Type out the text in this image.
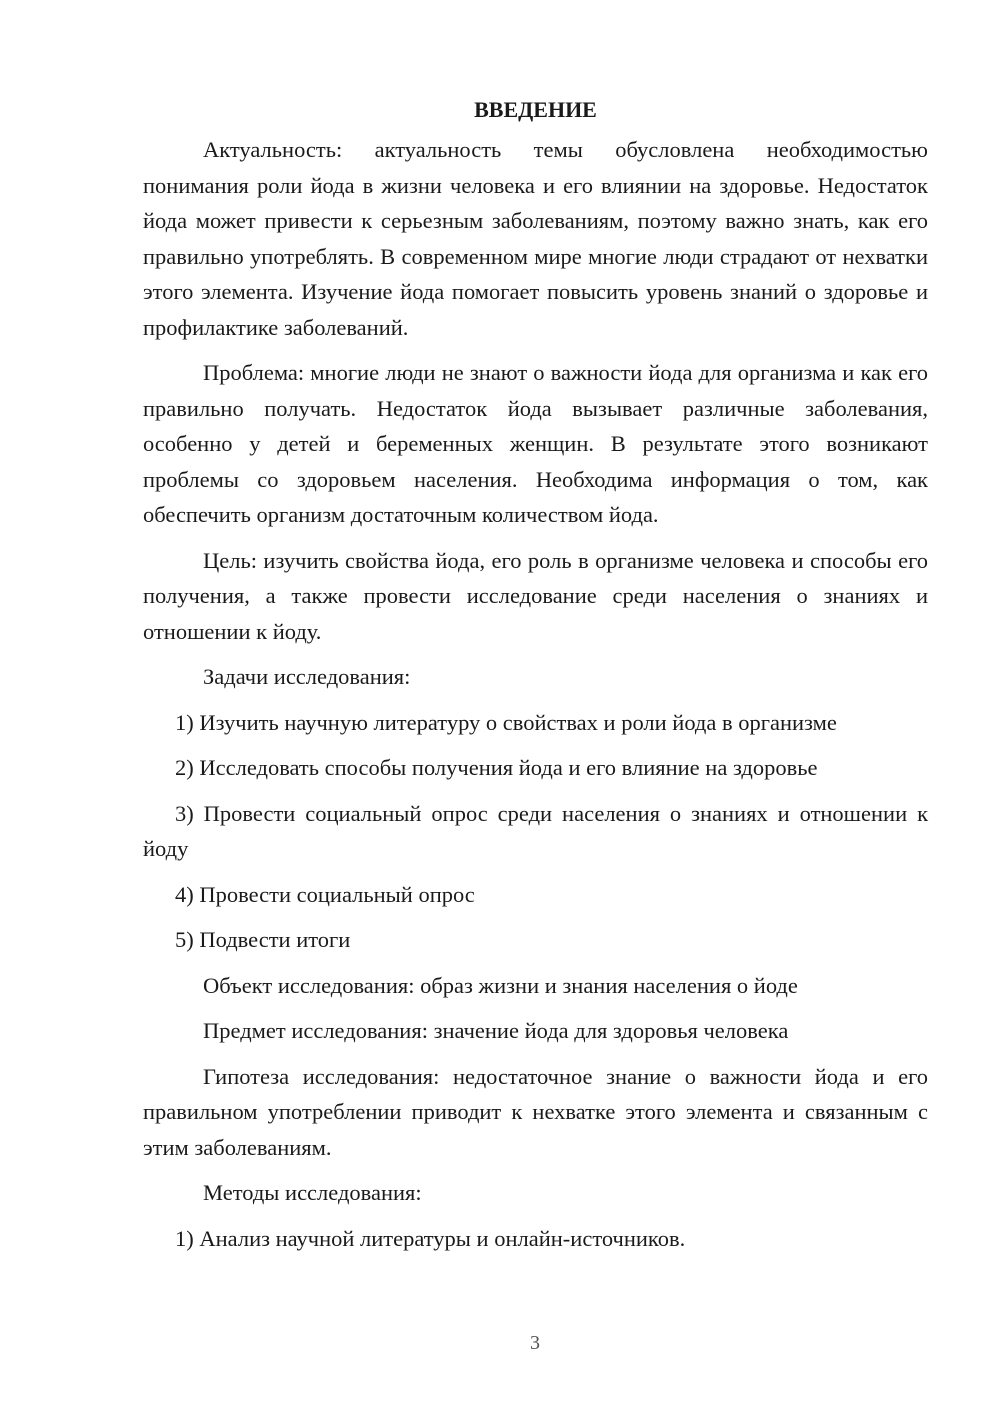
ВВЕДЕНИЕ

Актуальность: актуальность темы обусловлена необходимостью понимания роли йода в жизни человека и его влиянии на здоровье. Недостаток йода может привести к серьезным заболеваниям, поэтому важно знать, как его правильно употреблять. В современном мире многие люди страдают от нехватки этого элемента. Изучение йода помогает повысить уровень знаний о здоровье и профилактике заболеваний.

Проблема: многие люди не знают о важности йода для организма и как его правильно получать. Недостаток йода вызывает различные заболевания, особенно у детей и беременных женщин. В результате этого возникают проблемы со здоровьем населения. Необходима информация о том, как обеспечить организм достаточным количеством йода.

Цель: изучить свойства йода, его роль в организме человека и способы его получения, а также провести исследование среди населения о знаниях и отношении к йоду.

Задачи исследования:

1) Изучить научную литературу о свойствах и роли йода в организме

2) Исследовать способы получения йода и его влияние на здоровье

3) Провести социальный опрос среди населения о знаниях и отношении к йоду

4) Провести социальный опрос

5) Подвести итоги

Объект исследования: образ жизни и знания населения о йоде

Предмет исследования: значение йода для здоровья человека

Гипотеза исследования: недостаточное знание о важности йода и его правильном употреблении приводит к нехватке этого элемента и связанным с этим заболеваниям.

Методы исследования:

1) Анализ научной литературы и онлайн-источников.

3
